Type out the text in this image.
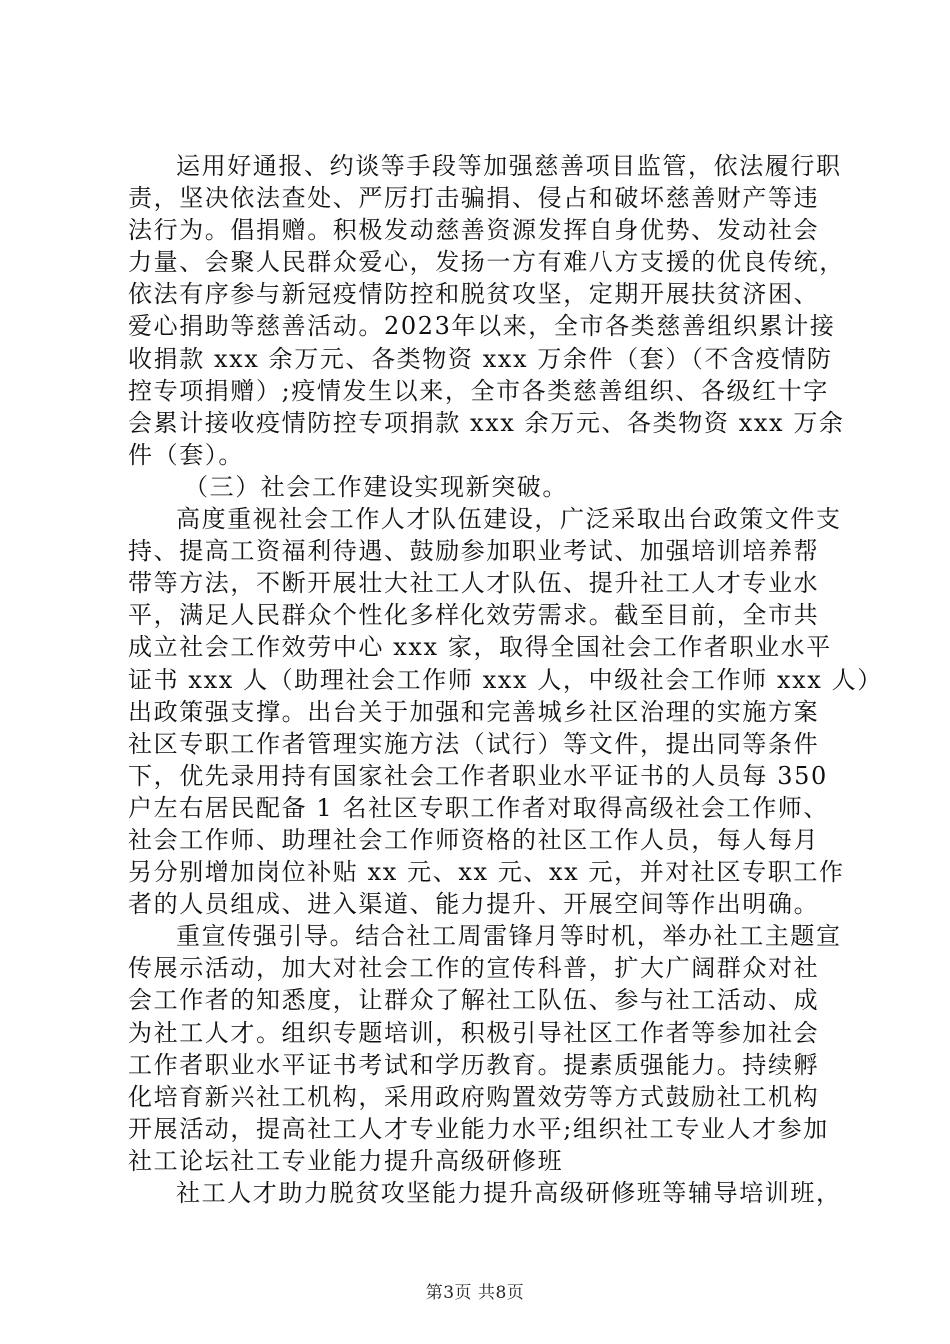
运用好通报、约谈等手段等加强慈善项目监管，依法履行职
责，坚决依法查处、严厉打击骗捐、侵占和破坏慈善财产等违
法行为。倡捐赠。积极发动慈善资源发挥自身优势、发动社会
力量、会聚人民群众爱心，发扬一方有难八方支援的优良传统，
依法有序参与新冠疫情防控和脱贫攻坚，定期开展扶贫济困、
爱心捐助等慈善活动。2023年以来，全市各类慈善组织累计接
收捐款 xxx 余万元、各类物资 xxx 万余件（套）（不含疫情防
控专项捐赠）;疫情发生以来，全市各类慈善组织、各级红十字
会累计接收疫情防控专项捐款 xxx 余万元、各类物资 xxx 万余
件（套）。
（三）社会工作建设实现新突破。
高度重视社会工作人才队伍建设，广泛采取出台政策文件支
持、提高工资福利待遇、鼓励参加职业考试、加强培训培养帮
带等方法，不断开展壮大社工人才队伍、提升社工人才专业水
平，满足人民群众个性化多样化效劳需求。截至目前，全市共
成立社会工作效劳中心 xxx 家，取得全国社会工作者职业水平
证书 xxx 人（助理社会工作师 xxx 人，中级社会工作师 xxx 人）
出政策强支撑。出台关于加强和完善城乡社区治理的实施方案
社区专职工作者管理实施方法（试行）等文件，提出同等条件
下，优先录用持有国家社会工作者职业水平证书的人员每 350
户左右居民配备 1 名社区专职工作者对取得高级社会工作师、
社会工作师、助理社会工作师资格的社区工作人员，每人每月
另分别增加岗位补贴 xx 元、xx 元、xx 元，并对社区专职工作
者的人员组成、进入渠道、能力提升、开展空间等作出明确。
重宣传强引导。结合社工周雷锋月等时机，举办社工主题宣
传展示活动，加大对社会工作的宣传科普，扩大广阔群众对社
会工作者的知悉度，让群众了解社工队伍、参与社工活动、成
为社工人才。组织专题培训，积极引导社区工作者等参加社会
工作者职业水平证书考试和学历教育。提素质强能力。持续孵
化培育新兴社工机构，采用政府购置效劳等方式鼓励社工机构
开展活动，提高社工人才专业能力水平;组织社工专业人才参加
社工论坛社工专业能力提升高级研修班
社工人才助力脱贫攻坚能力提升高级研修班等辅导培训班，
第3页 共8页
